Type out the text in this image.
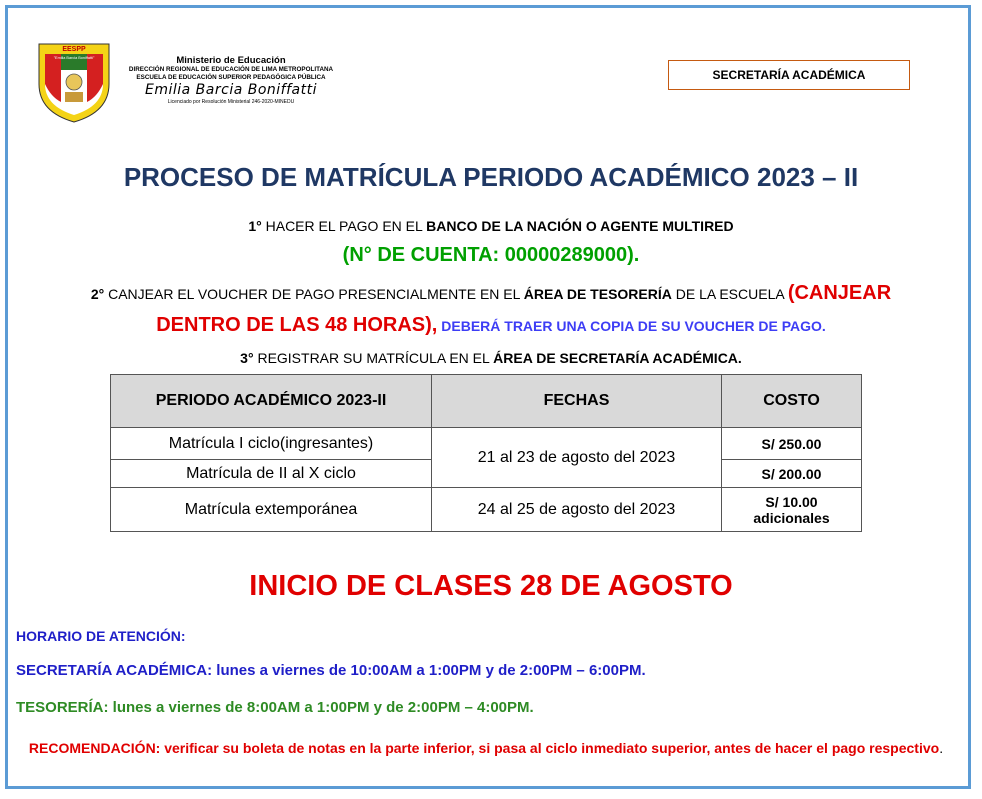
EESPP
"Emilia Barcia Boniffatti"	Ministerio de Educación
DIRECCIÓN REGIONAL DE EDUCACIÓN DE LIMA METROPOLITANA
ESCUELA DE EDUCACIÓN SUPERIOR PEDAGÓGICA PÚBLICA
Emilia Barcia Boniffatti
Licenciado por Resolución Ministerial 246-2020-MINEDU
SECRETARÍA ACADÉMICA
PROCESO DE MATRÍCULA PERIODO ACADÉMICO 2023 – II
1° HACER EL PAGO EN EL BANCO DE LA NACIÓN O AGENTE MULTIRED
(N° DE CUENTA: 00000289000).
2° CANJEAR EL VOUCHER DE PAGO PRESENCIALMENTE EN EL ÁREA DE TESORERÍA DE LA ESCUELA (CANJEAR
DENTRO DE LAS 48 HORAS), DEBERÁ TRAER UNA COPIA DE SU VOUCHER DE PAGO.
3° REGISTRAR SU MATRÍCULA EN EL ÁREA DE SECRETARÍA ACADÉMICA.
PERIODO ACADÉMICO 2023-II	FECHAS	COSTO
Matrícula I ciclo(ingresantes)	21 al 23 de agosto del 2023	S/ 250.00
Matrícula de II al X ciclo		S/ 200.00
Matrícula extemporánea	24 al 25 de agosto del 2023	S/ 10.00
adicionales
INICIO DE CLASES 28 DE AGOSTO
HORARIO DE ATENCIÓN:
SECRETARÍA ACADÉMICA: lunes a viernes de 10:00AM a 1:00PM y de 2:00PM – 6:00PM.
TESORERÍA: lunes a viernes de 8:00AM a 1:00PM y de 2:00PM – 4:00PM.
RECOMENDACIÓN: verificar su boleta de notas en la parte inferior, si pasa al ciclo inmediato superior, antes de hacer el pago respectivo.
